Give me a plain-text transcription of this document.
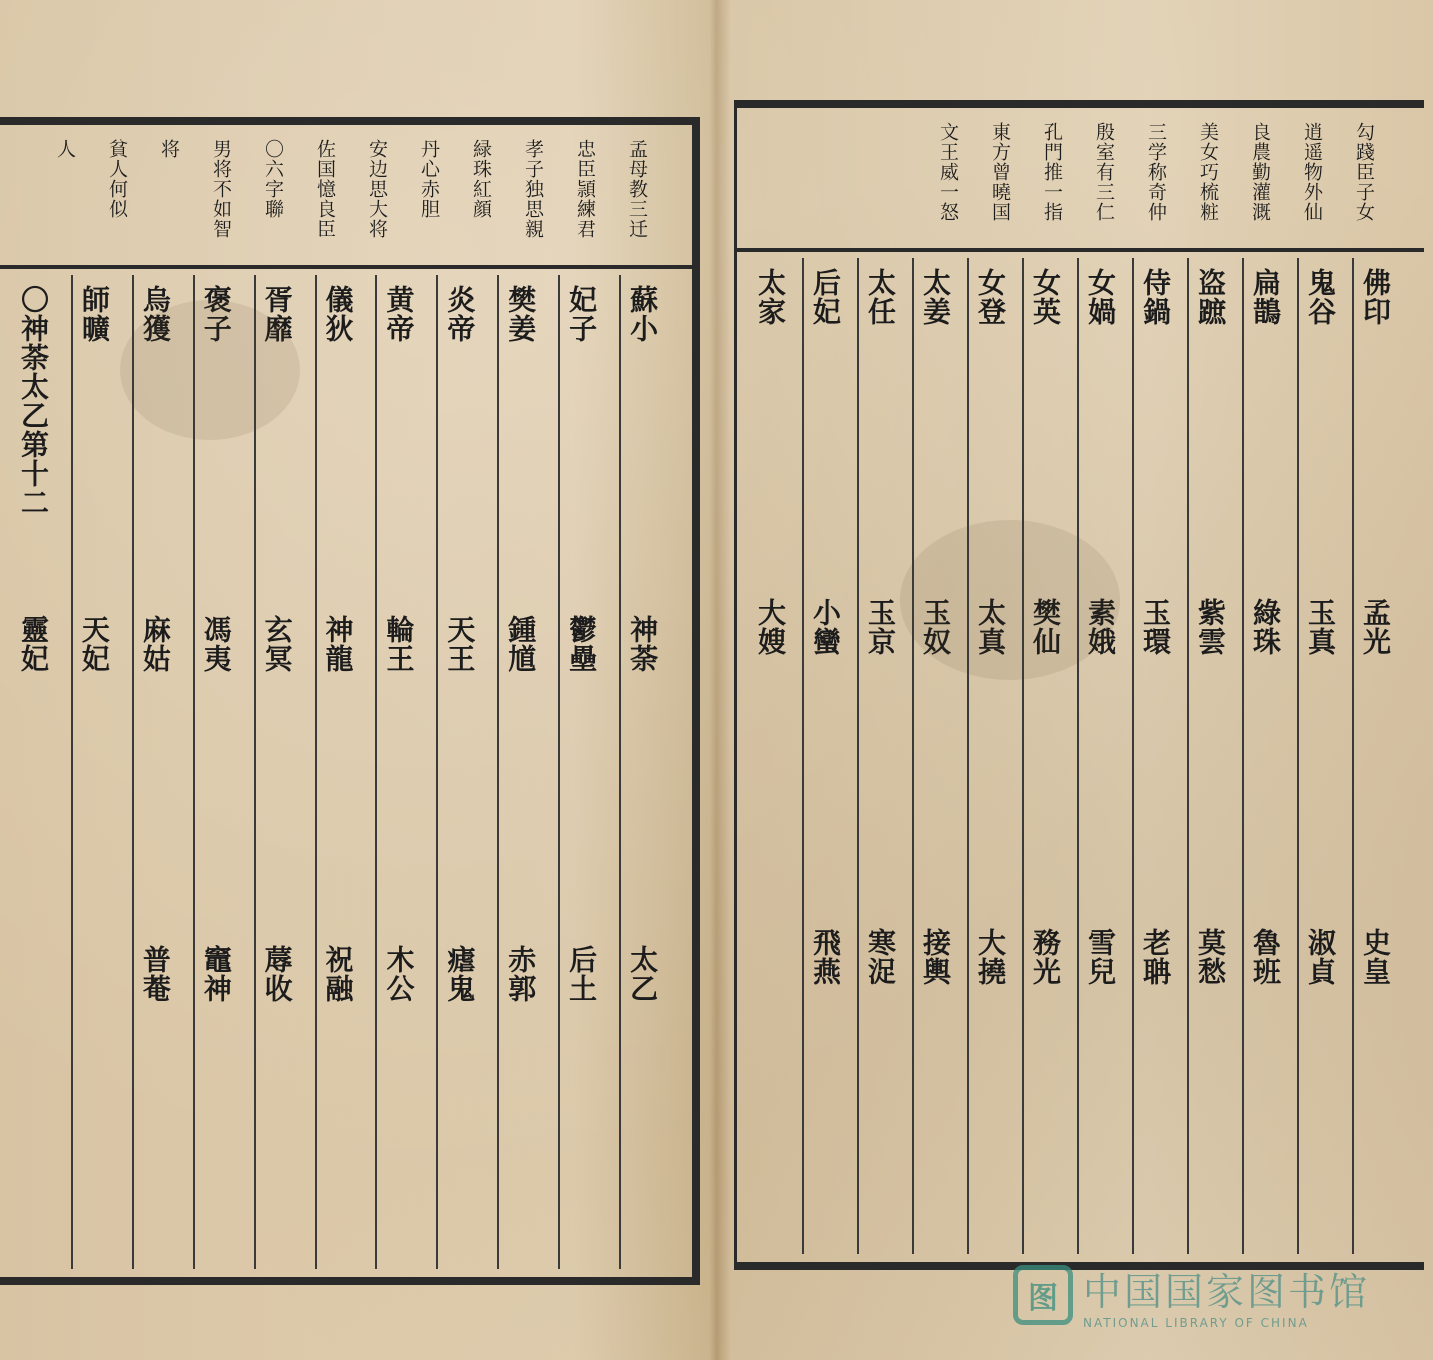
孟母教三迁
忠臣頴練君
孝子独思親
緑珠紅顔
丹心赤胆
安边思大将
佐国憶良臣
〇六字聯
男将不如智
将
貧人何似
人
蘇小
妃子
樊姜
炎帝
黄帝
儀狄
胥靡
褒子
烏獲
師曠
〇神荼太乙第十二
神荼
鬱壘
鍾馗
天王
輪王
神龍
玄冥
馮夷
麻姑
天妃
靈妃
太乙
后土
赤郭
瘧鬼
木公
祝融
蓐收
竈神
普菴
勾踐臣子女
逍遥物外仙
良農勤灌溉
美女巧梳粧
三学称奇仲
殷室有三仁
孔門推一指
東方曾曉国
文王威一怒
佛印
鬼谷
扁鵲
盗蹠
侍鍋
女媧
女英
女登
太姜
太任
后妃
太家
孟光
玉真
綠珠
紫雲
玉環
素娥
樊仙
太真
玉奴
玉京
小蠻
大嫂
史皇
淑貞
魯班
莫愁
老聃
雪兒
務光
大撓
接輿
寒浞
飛燕
图 中国国家图书馆
NATIONAL LIBRARY OF CHINA
